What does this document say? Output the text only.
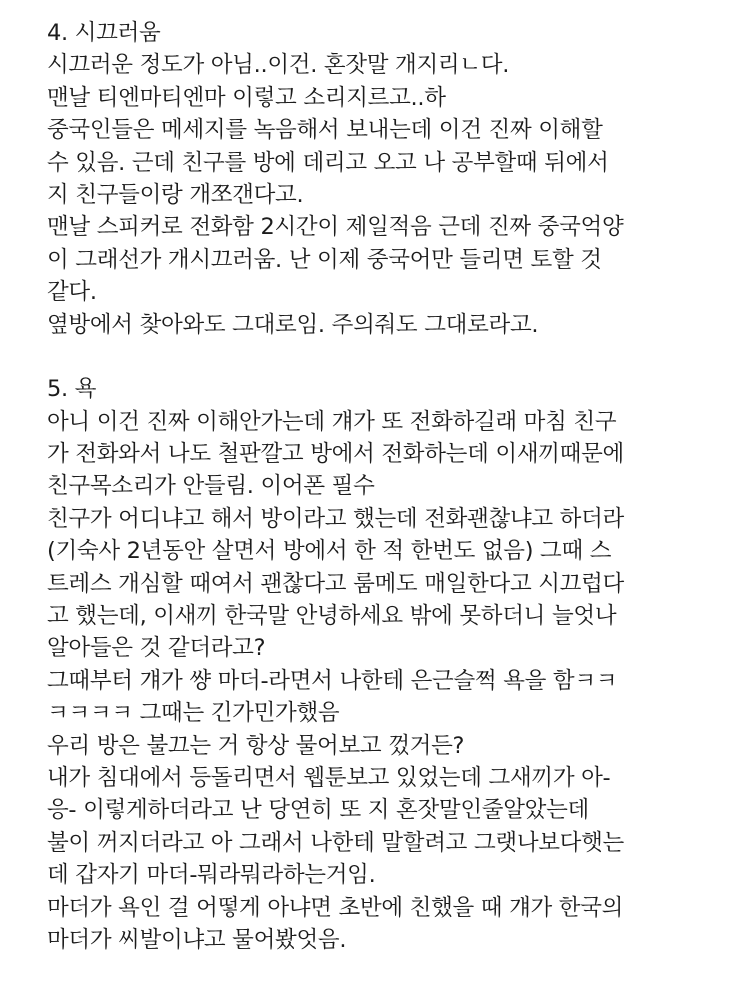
4. 시끄러움
시끄러운 정도가 아님..이건. 혼잣말 개지리ㄴ다.
맨날 티엔마티엔마 이렇고 소리지르고..하
중국인들은 메세지를 녹음해서 보내는데 이건 진짜 이해할
수 있음. 근데 친구를 방에 데리고 오고 나 공부할때 뒤에서
지 친구들이랑 개쪼갠다고.
맨날 스피커로 전화함 2시간이 제일적음 근데 진짜 중국억양
이 그래선가 개시끄러움. 난 이제 중국어만 들리면 토할 것
같다.
옆방에서 찾아와도 그대로임. 주의줘도 그대로라고.
5. 욕
아니 이건 진짜 이해안가는데 걔가 또 전화하길래 마침 친구
가 전화와서 나도 철판깔고 방에서 전화하는데 이새끼때문에
친구목소리가 안들림. 이어폰 필수
친구가 어디냐고 해서 방이라고 했는데 전화괜찮냐고 하더라
(기숙사 2년동안 살면서 방에서 한 적 한번도 없음) 그때 스
트레스 개심할 때여서 괜찮다고 룸메도 매일한다고 시끄럽다
고 했는데, 이새끼 한국말 안녕하세요 밖에 못하더니 늘엇나
알아들은 것 같더라고?
그때부터 걔가 썅 마더-라면서 나한테 은근슬쩍 욕을 함ㅋㅋ
ㅋㅋㅋㅋ 그때는 긴가민가했음
우리 방은 불끄는 거 항상 물어보고 껐거든?
내가 침대에서 등돌리면서 웹툰보고 있었는데 그새끼가 아-
응- 이렇게하더라고 난 당연히 또 지 혼잣말인줄알았는데
불이 꺼지더라고 아 그래서 나한테 말할려고 그랫나보다햇는
데 갑자기 마더-뭐라뭐라하는거임.
마더가 욕인 걸 어떻게 아냐면 초반에 친했을 때 걔가 한국의
마더가 씨발이냐고 물어봤엇음.
